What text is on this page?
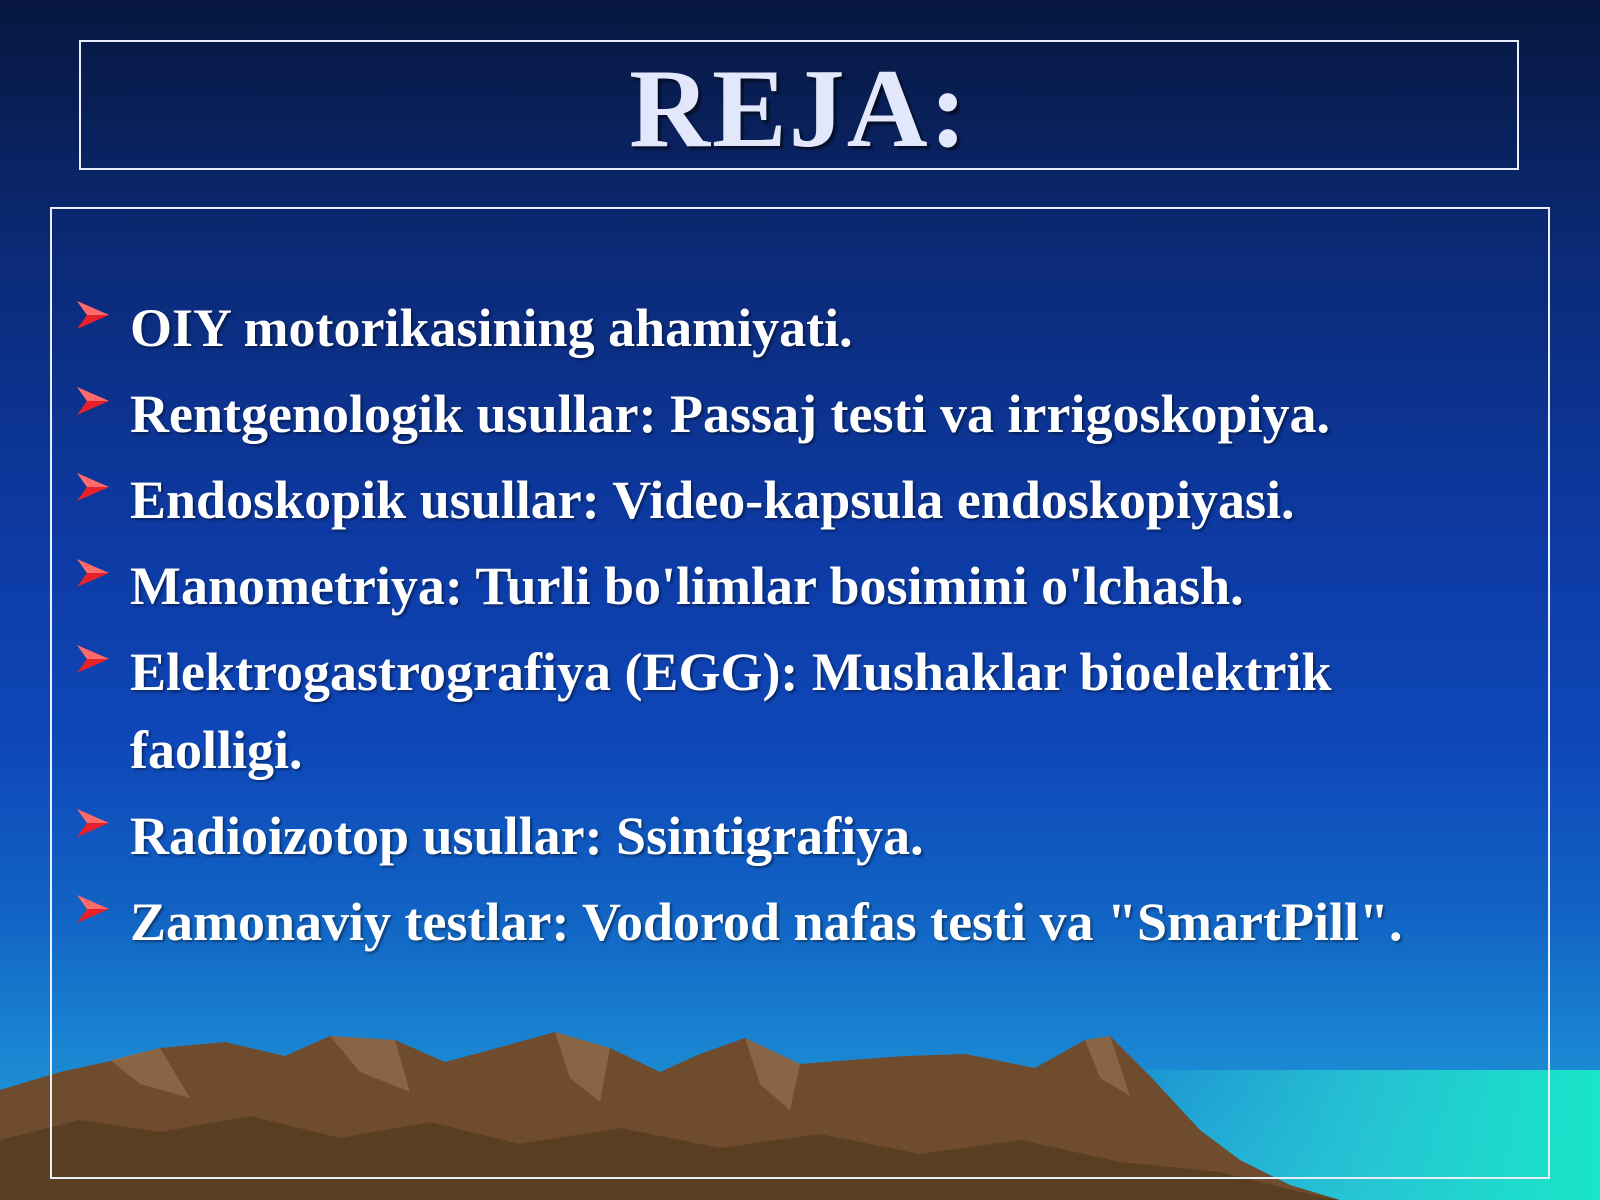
REJA:
OIY motorikasining ahamiyati.
Rentgenologik usullar: Passaj testi va irrigoskopiya.
Endoskopik usullar: Video-kapsula endoskopiyasi.
Manometriya: Turli bo'limlar bosimini o'lchash.
Elektrogastrografiya (EGG): Mushaklar bioelektrik faolligi.
Radioizotop usullar: Ssintigrafiya.
Zamonaviy testlar: Vodorod nafas testi va "SmartPill".
